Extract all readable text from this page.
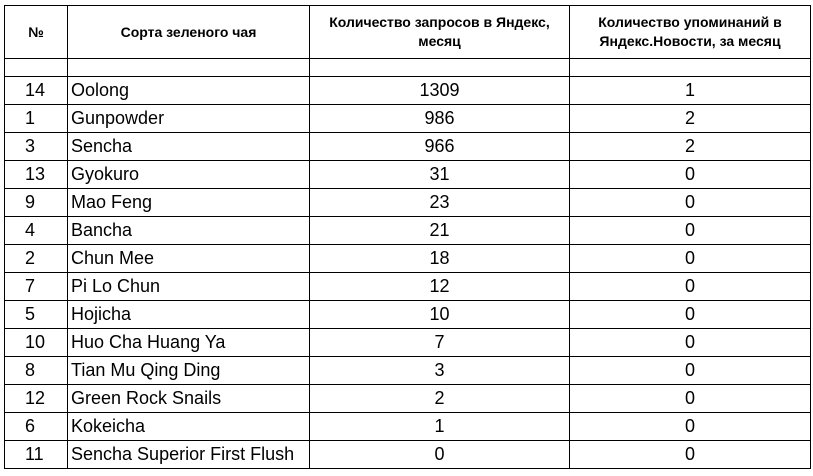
№	Сорта зеленого чая	Количество запросов в Яндекс, месяц	Количество упоминаний в Яндекс.Новости, за месяц

14	Oolong	1309	1
1	Gunpowder	986	2
3	Sencha	966	2
13	Gyokuro	31	0
9	Mao Feng	23	0
4	Bancha	21	0
2	Chun Mee	18	0
7	Pi Lo Chun	12	0
5	Hojicha	10	0
10	Huo Cha Huang Ya	7	0
8	Tian Mu Qing Ding	3	0
12	Green Rock Snails	2	0
6	Kokeicha	1	0
11	Sencha Superior First Flush	0	0
